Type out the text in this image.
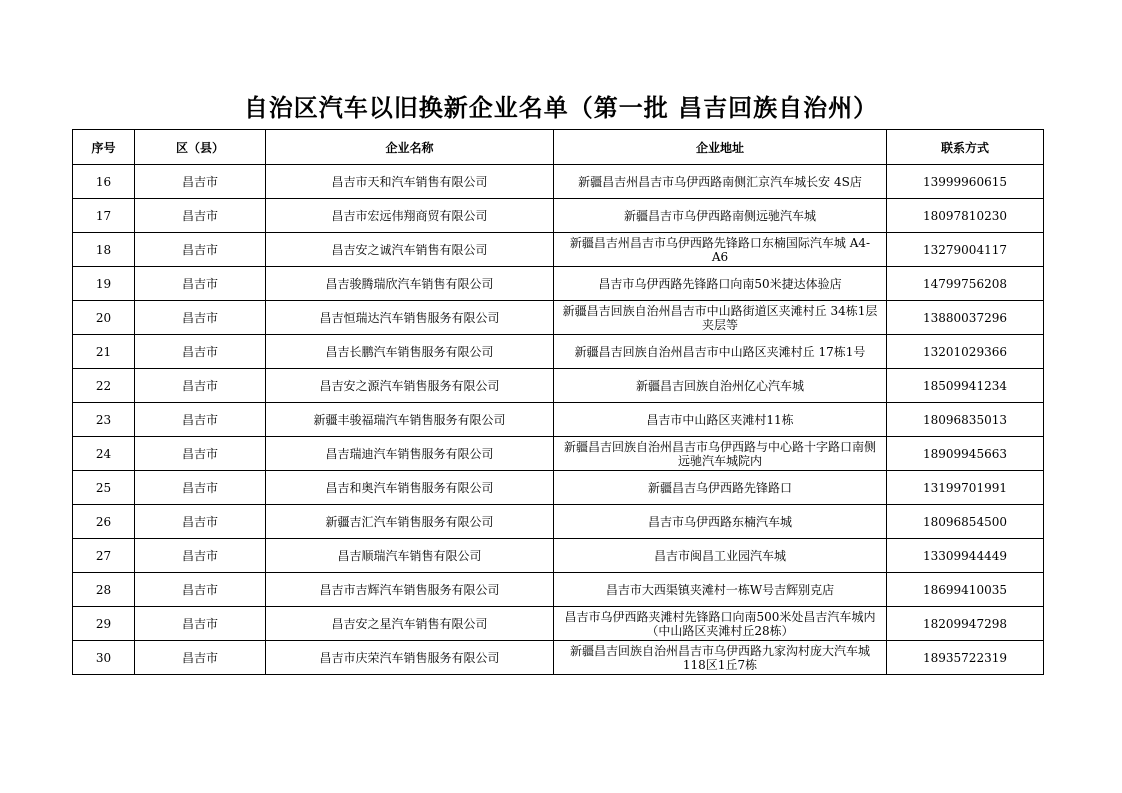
自治区汽车以旧换新企业名单（第一批 昌吉回族自治州）
序号	区（县）	企业名称	企业地址	联系方式
16	昌吉市	昌吉市天和汽车销售有限公司	新疆昌吉州昌吉市乌伊西路南侧汇京汽车城长安 4S店	13999960615
17	昌吉市	昌吉市宏远伟翔商贸有限公司	新疆昌吉市乌伊西路南侧远驰汽车城	18097810230
18	昌吉市	昌吉安之诚汽车销售有限公司	新疆昌吉州昌吉市乌伊西路先锋路口东楠国际汽车城 A4-A6	13279004117
19	昌吉市	昌吉骏腾瑞欣汽车销售有限公司	昌吉市乌伊西路先锋路口向南50米捷达体验店	14799756208
20	昌吉市	昌吉恒瑞达汽车销售服务有限公司	新疆昌吉回族自治州昌吉市中山路街道区夹滩村丘 34栋1层夹层等	13880037296
21	昌吉市	昌吉长鹏汽车销售服务有限公司	新疆昌吉回族自治州昌吉市中山路区夹滩村丘 17栋1号	13201029366
22	昌吉市	昌吉安之源汽车销售服务有限公司	新疆昌吉回族自治州亿心汽车城	18509941234
23	昌吉市	新疆丰骏福瑞汽车销售服务有限公司	昌吉市中山路区夹滩村11栋	18096835013
24	昌吉市	昌吉瑞迪汽车销售服务有限公司	新疆昌吉回族自治州昌吉市乌伊西路与中心路十字路口南侧远驰汽车城院内	18909945663
25	昌吉市	昌吉和奥汽车销售服务有限公司	新疆昌吉乌伊西路先锋路口	13199701991
26	昌吉市	新疆吉汇汽车销售服务有限公司	昌吉市乌伊西路东楠汽车城	18096854500
27	昌吉市	昌吉顺瑞汽车销售有限公司	昌吉市闽昌工业园汽车城	13309944449
28	昌吉市	昌吉市吉辉汽车销售服务有限公司	昌吉市大西渠镇夹滩村一栋W号吉辉别克店	18699410035
29	昌吉市	昌吉安之星汽车销售有限公司	昌吉市乌伊西路夹滩村先锋路口向南500米处昌吉汽车城内（中山路区夹滩村丘28栋）	18209947298
30	昌吉市	昌吉市庆荣汽车销售服务有限公司	新疆昌吉回族自治州昌吉市乌伊西路九家沟村庞大汽车城118区1丘7栋	18935722319
